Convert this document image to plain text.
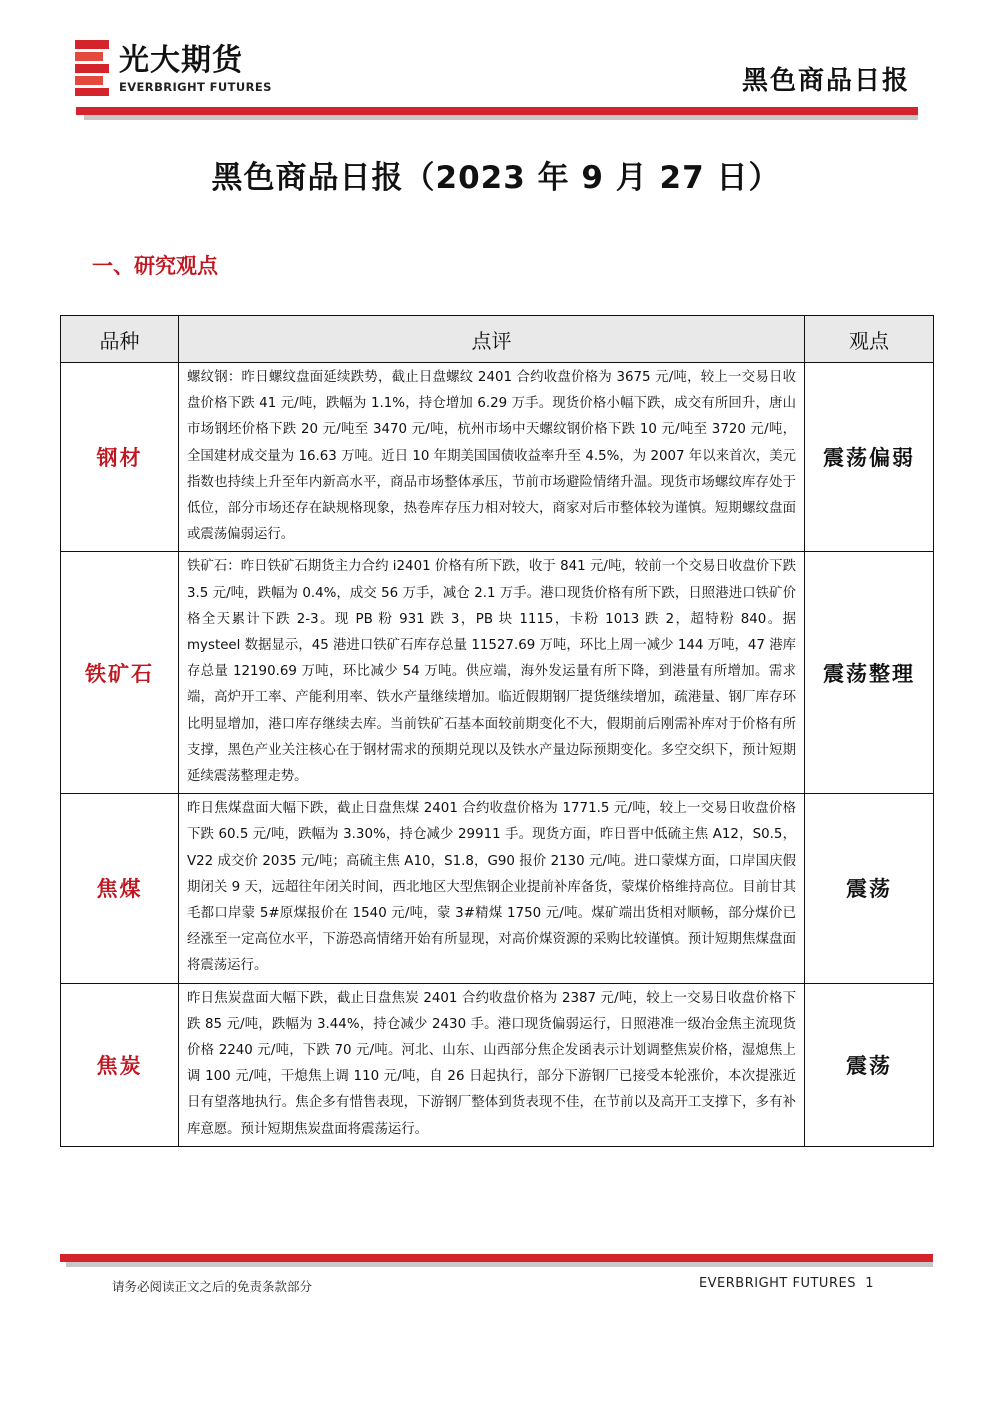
光大期货
EVERBRIGHT FUTURES	黑色商品日报
黑色商品日报（2023 年 9 月 27 日）
一、研究观点
品种	点评	观点
钢材	螺纹钢：昨日螺纹盘面延续跌势，截止日盘螺纹 2401 合约收盘价格为 3675 元/吨，较上一交易日收盘价格下跌 41 元/吨，跌幅为 1.1%，持仓增加 6.29 万手。现货价格小幅下跌，成交有所回升，唐山市场钢坯价格下跌 20 元/吨至 3470 元/吨，杭州市场中天螺纹钢价格下跌 10 元/吨至 3720 元/吨，全国建材成交量为 16.63 万吨。近日 10 年期美国国债收益率升至 4.5%，为 2007 年以来首次，美元指数也持续上升至年内新高水平，商品市场整体承压，节前市场避险情绪升温。现货市场螺纹库存处于低位，部分市场还存在缺规格现象，热卷库存压力相对较大，商家对后市整体较为谨慎。短期螺纹盘面或震荡偏弱运行。	震荡偏弱
铁矿石	铁矿石：昨日铁矿石期货主力合约 i2401 价格有所下跌，收于 841 元/吨，较前一个交易日收盘价下跌 3.5 元/吨，跌幅为 0.4%，成交 56 万手，减仓 2.1 万手。港口现货价格有所下跌，日照港进口铁矿价格全天累计下跌 2-3。现 PB 粉 931 跌 3，PB 块 1115，卡粉 1013 跌 2，超特粉 840。据 mysteel 数据显示，45 港进口铁矿石库存总量 11527.69 万吨，环比上周一减少 144 万吨，47 港库存总量 12190.69 万吨，环比减少 54 万吨。供应端，海外发运量有所下降，到港量有所增加。需求端，高炉开工率、产能利用率、铁水产量继续增加。临近假期钢厂提货继续增加，疏港量、钢厂库存环比明显增加，港口库存继续去库。当前铁矿石基本面较前期变化不大，假期前后刚需补库对于价格有所支撑，黑色产业关注核心在于钢材需求的预期兑现以及铁水产量边际预期变化。多空交织下，预计短期延续震荡整理走势。	震荡整理
焦煤	昨日焦煤盘面大幅下跌，截止日盘焦煤 2401 合约收盘价格为 1771.5 元/吨，较上一交易日收盘价格下跌 60.5 元/吨，跌幅为 3.30%，持仓减少 29911 手。现货方面，昨日晋中低硫主焦 A12，S0.5，V22 成交价 2035 元/吨；高硫主焦 A10，S1.8，G90 报价 2130 元/吨。进口蒙煤方面，口岸国庆假期闭关 9 天，远超往年闭关时间，西北地区大型焦钢企业提前补库备货，蒙煤价格维持高位。目前甘其毛都口岸蒙 5#原煤报价在 1540 元/吨，蒙 3#精煤 1750 元/吨。煤矿端出货相对顺畅，部分煤价已经涨至一定高位水平，下游恐高情绪开始有所显现，对高价煤资源的采购比较谨慎。预计短期焦煤盘面将震荡运行。	震荡
焦炭	昨日焦炭盘面大幅下跌，截止日盘焦炭 2401 合约收盘价格为 2387 元/吨，较上一交易日收盘价格下跌 85 元/吨，跌幅为 3.44%，持仓减少 2430 手。港口现货偏弱运行，日照港准一级冶金焦主流现货价格 2240 元/吨，下跌 70 元/吨。河北、山东、山西部分焦企发函表示计划调整焦炭价格，湿熄焦上调 100 元/吨，干熄焦上调 110 元/吨，自 26 日起执行，部分下游钢厂已接受本轮涨价，本次提涨近日有望落地执行。焦企多有惜售表现，下游钢厂整体到货表现不佳，在节前以及高开工支撑下，多有补库意愿。预计短期焦炭盘面将震荡运行。	震荡
请务必阅读正文之后的免责条款部分	EVERBRIGHT FUTURES 1
